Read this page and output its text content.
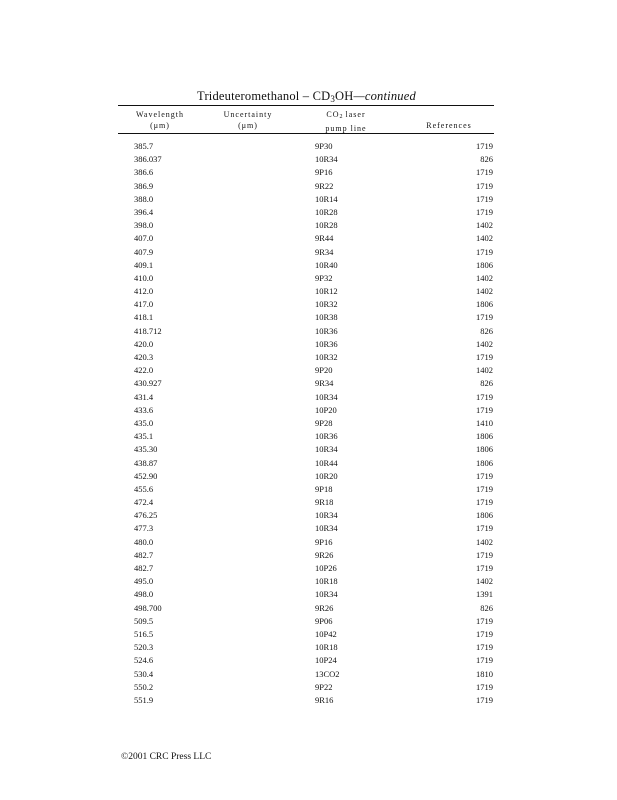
Trideuteromethanol – $CD_3OH—continued$
Wavelength
(μm)
Uncertainty
(μm)
CO2 laser
pump line	References
385.7	9P30	1719
386.037	10R34	826
386.6	9P16	1719
386.9	9R22	1719
388.0	10R14	1719
396.4	10R28	1719
398.0	10R28	1402
407.0	9R44	1402
407.9	9R34	1719
409.1	10R40	1806
410.0	9P32	1402
412.0	10R12	1402
417.0	10R32	1806
418.1	10R38	1719
418.712	10R36	826
420.0	10R36	1402
420.3	10R32	1719
422.0	9P20	1402
430.927	9R34	826
431.4	10R34	1719
433.6	10P20	1719
435.0	9P28	1410
435.1	10R36	1806
435.30	10R34	1806
438.87	10R44	1806
452.90	10R20	1719
455.6	9P18	1719
472.4	9R18	1719
476.25	10R34	1806
477.3	10R34	1719
480.0	9P16	1402
482.7	9R26	1719
482.7	10P26	1719
495.0	10R18	1402
498.0	10R34	1391
498.700	9R26	826
509.5	9P06	1719
516.5	10P42	1719
520.3	10R18	1719
524.6	10P24	1719
530.4	13CO2	1810
550.2	9P22	1719
551.9	9R16	1719
©2001 CRC Press LLC
